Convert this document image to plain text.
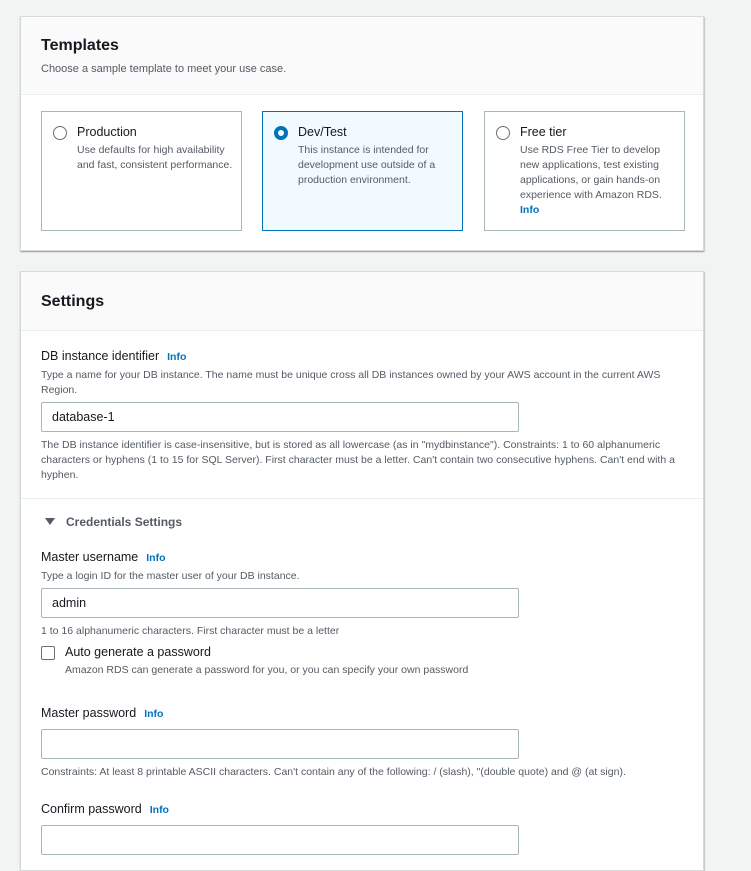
Templates
Choose a sample template to meet your use case.
Production
Use defaults for high availability and fast, consistent performance.
Dev/Test
This instance is intended for development use outside of a production environment.
Free tier
Use RDS Free Tier to develop new applications, test existing applications, or gain hands-on experience with Amazon RDS.
Info
Settings
DB instance identifier Info
Type a name for your DB instance. The name must be unique cross all DB instances owned by your AWS account in the current AWS Region.
database-1
The DB instance identifier is case-insensitive, but is stored as all lowercase (as in "mydbinstance"). Constraints: 1 to 60 alphanumeric characters or hyphens (1 to 15 for SQL Server). First character must be a letter. Can't contain two consecutive hyphens. Can't end with a hyphen.
Credentials Settings
Master username Info
Type a login ID for the master user of your DB instance.
admin
1 to 16 alphanumeric characters. First character must be a letter
Auto generate a password
Amazon RDS can generate a password for you, or you can specify your own password
Master password Info
Constraints: At least 8 printable ASCII characters. Can't contain any of the following: / (slash), "(double quote) and @ (at sign).
Confirm password Info
